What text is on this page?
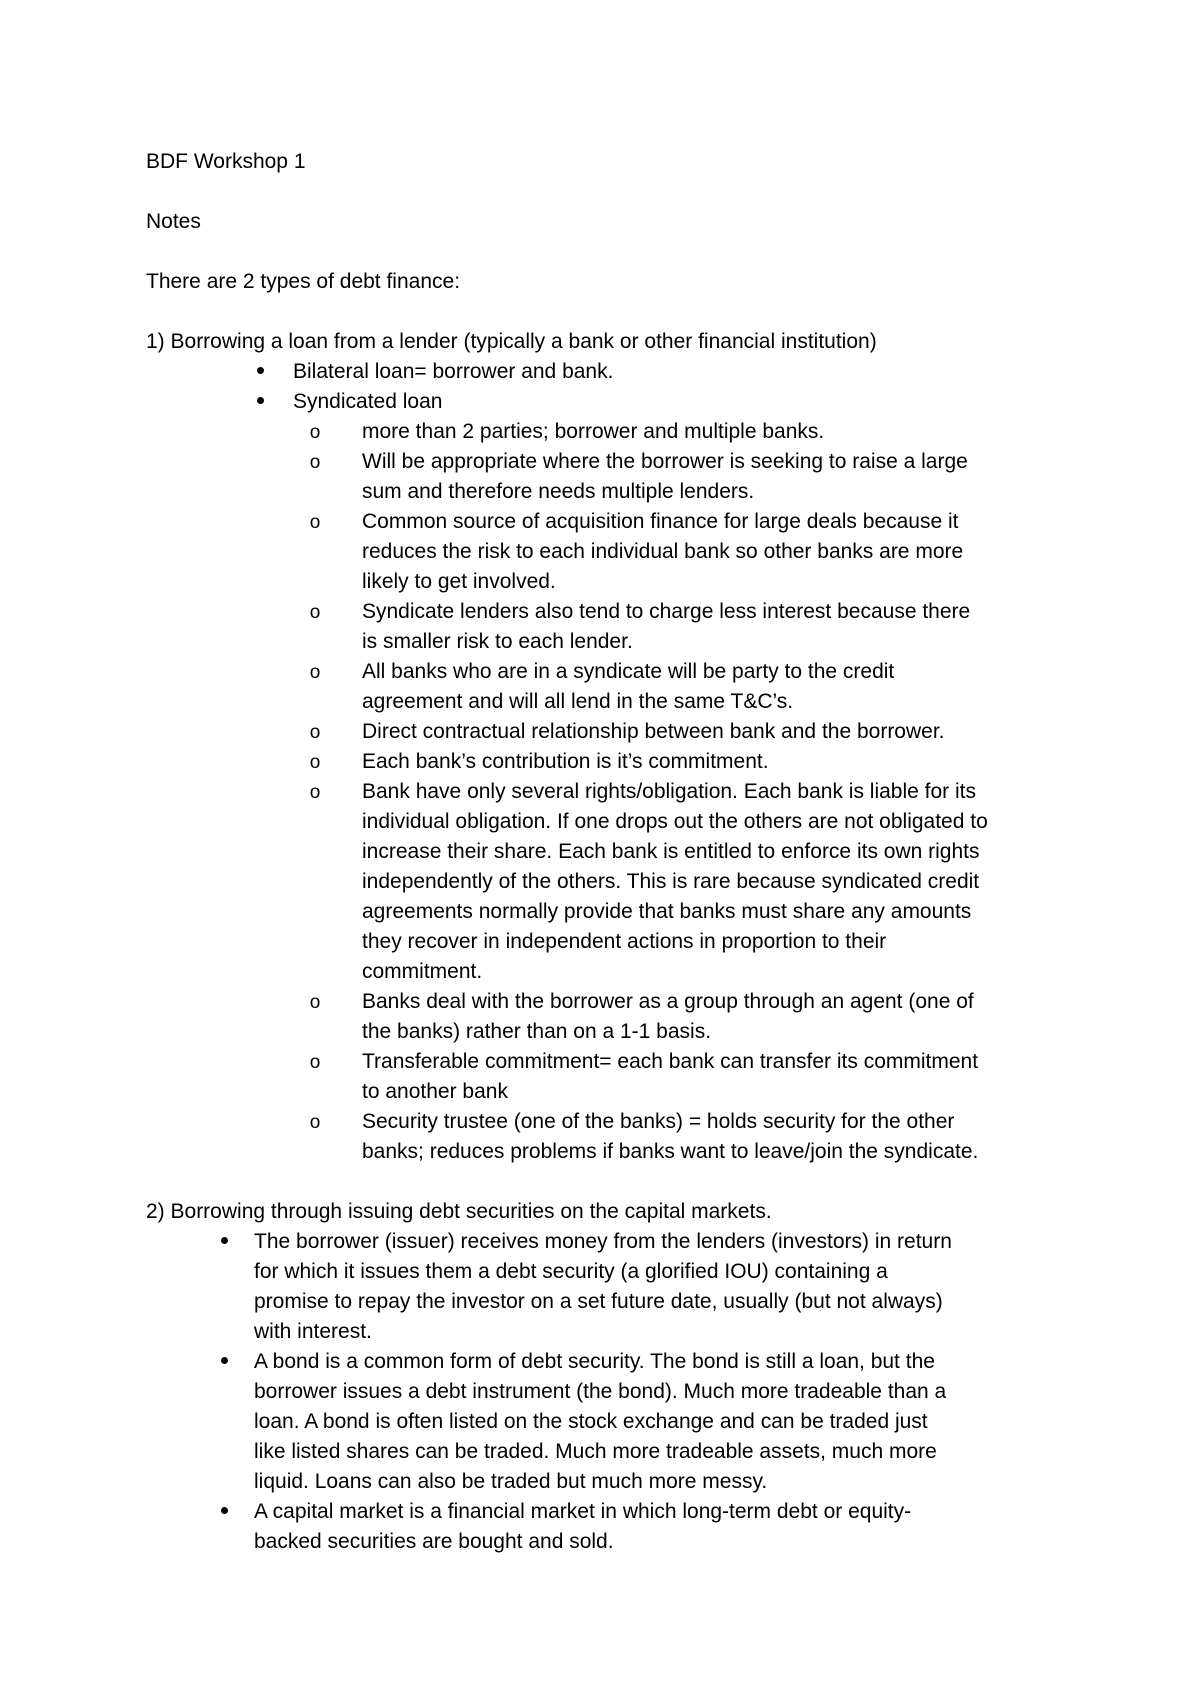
BDF Workshop 1

Notes

There are 2 types of debt finance:

1) Borrowing a loan from a lender (typically a bank or other financial institution)

Bilateral loan= borrower and bank.
Syndicated loan
o more than 2 parties; borrower and multiple banks.
o Will be appropriate where the borrower is seeking to raise a large sum and therefore needs multiple lenders.
o Common source of acquisition finance for large deals because it reduces the risk to each individual bank so other banks are more likely to get involved.
o Syndicate lenders also tend to charge less interest because there is smaller risk to each lender.
o All banks who are in a syndicate will be party to the credit agreement and will all lend in the same T&C’s.
o Direct contractual relationship between bank and the borrower.
o Each bank’s contribution is it’s commitment.
o Bank have only several rights/obligation. Each bank is liable for its individual obligation. If one drops out the others are not obligated to increase their share. Each bank is entitled to enforce its own rights independently of the others. This is rare because syndicated credit agreements normally provide that banks must share any amounts they recover in independent actions in proportion to their commitment.
o Banks deal with the borrower as a group through an agent (one of the banks) rather than on a 1-1 basis.
o Transferable commitment= each bank can transfer its commitment to another bank
o Security trustee (one of the banks) = holds security for the other banks; reduces problems if banks want to leave/join the syndicate.

2) Borrowing through issuing debt securities on the capital markets.

The borrower (issuer) receives money from the lenders (investors) in return for which it issues them a debt security (a glorified IOU) containing a promise to repay the investor on a set future date, usually (but not always) with interest.
A bond is a common form of debt security. The bond is still a loan, but the borrower issues a debt instrument (the bond). Much more tradeable than a loan. A bond is often listed on the stock exchange and can be traded just like listed shares can be traded. Much more tradeable assets, much more liquid. Loans can also be traded but much more messy.
A capital market is a financial market in which long-term debt or equity-backed securities are bought and sold.
